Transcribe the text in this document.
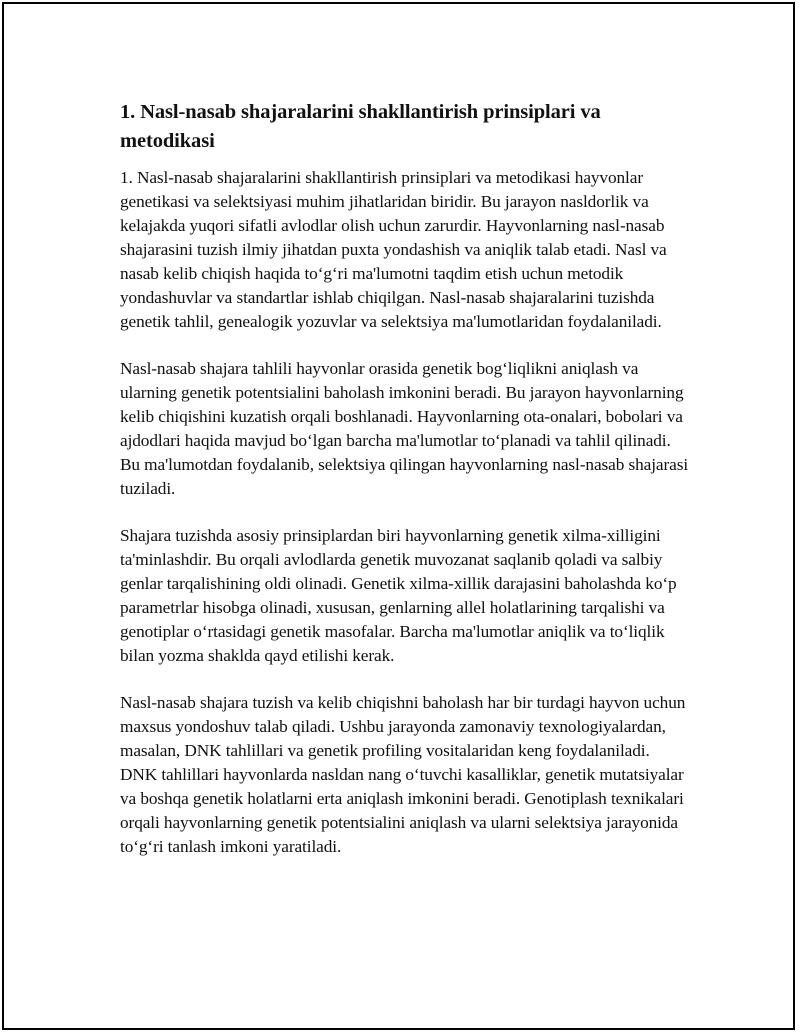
1. Nasl-nasab shajaralarini shakllantirish prinsiplari va metodikasi

1. Nasl-nasab shajaralarini shakllantirish prinsiplari va metodikasi hayvonlar genetikasi va selektsiyasi muhim jihatlaridan biridir. Bu jarayon nasldorlik va kelajakda yuqori sifatli avlodlar olish uchun zarurdir. Hayvonlarning nasl-nasab shajarasini tuzish ilmiy jihatdan puxta yondashish va aniqlik talab etadi. Nasl va nasab kelib chiqish haqida to‘g‘ri ma'lumotni taqdim etish uchun metodik yondashuvlar va standartlar ishlab chiqilgan. Nasl-nasab shajaralarini tuzishda genetik tahlil, genealogik yozuvlar va selektsiya ma'lumotlaridan foydalaniladi.

Nasl-nasab shajara tahlili hayvonlar orasida genetik bog‘liqlikni aniqlash va ularning genetik potentsialini baholash imkonini beradi. Bu jarayon hayvonlarning kelib chiqishini kuzatish orqali boshlanadi. Hayvonlarning ota-onalari, bobolari va ajdodlari haqida mavjud bo‘lgan barcha ma'lumotlar to‘planadi va tahlil qilinadi. Bu ma'lumotdan foydalanib, selektsiya qilingan hayvonlarning nasl-nasab shajarasi tuziladi.

Shajara tuzishda asosiy prinsiplardan biri hayvonlarning genetik xilma-xilligini ta'minlashdir. Bu orqali avlodlarda genetik muvozanat saqlanib qoladi va salbiy genlar tarqalishining oldi olinadi. Genetik xilma-xillik darajasini baholashda ko‘p parametrlar hisobga olinadi, xususan, genlarning allel holatlarining tarqalishi va genotiplar o‘rtasidagi genetik masofalar. Barcha ma'lumotlar aniqlik va to‘liqlik bilan yozma shaklda qayd etilishi kerak.

Nasl-nasab shajara tuzish va kelib chiqishni baholash har bir turdagi hayvon uchun maxsus yondoshuv talab qiladi. Ushbu jarayonda zamonaviy texnologiyalardan, masalan, DNK tahlillari va genetik profiling vositalaridan keng foydalaniladi. DNK tahlillari hayvonlarda nasldan nang o‘tuvchi kasalliklar, genetik mutatsiyalar va boshqa genetik holatlarni erta aniqlash imkonini beradi. Genotiplash texnikalari orqali hayvonlarning genetik potentsialini aniqlash va ularni selektsiya jarayonida to‘g‘ri tanlash imkoni yaratiladi.
